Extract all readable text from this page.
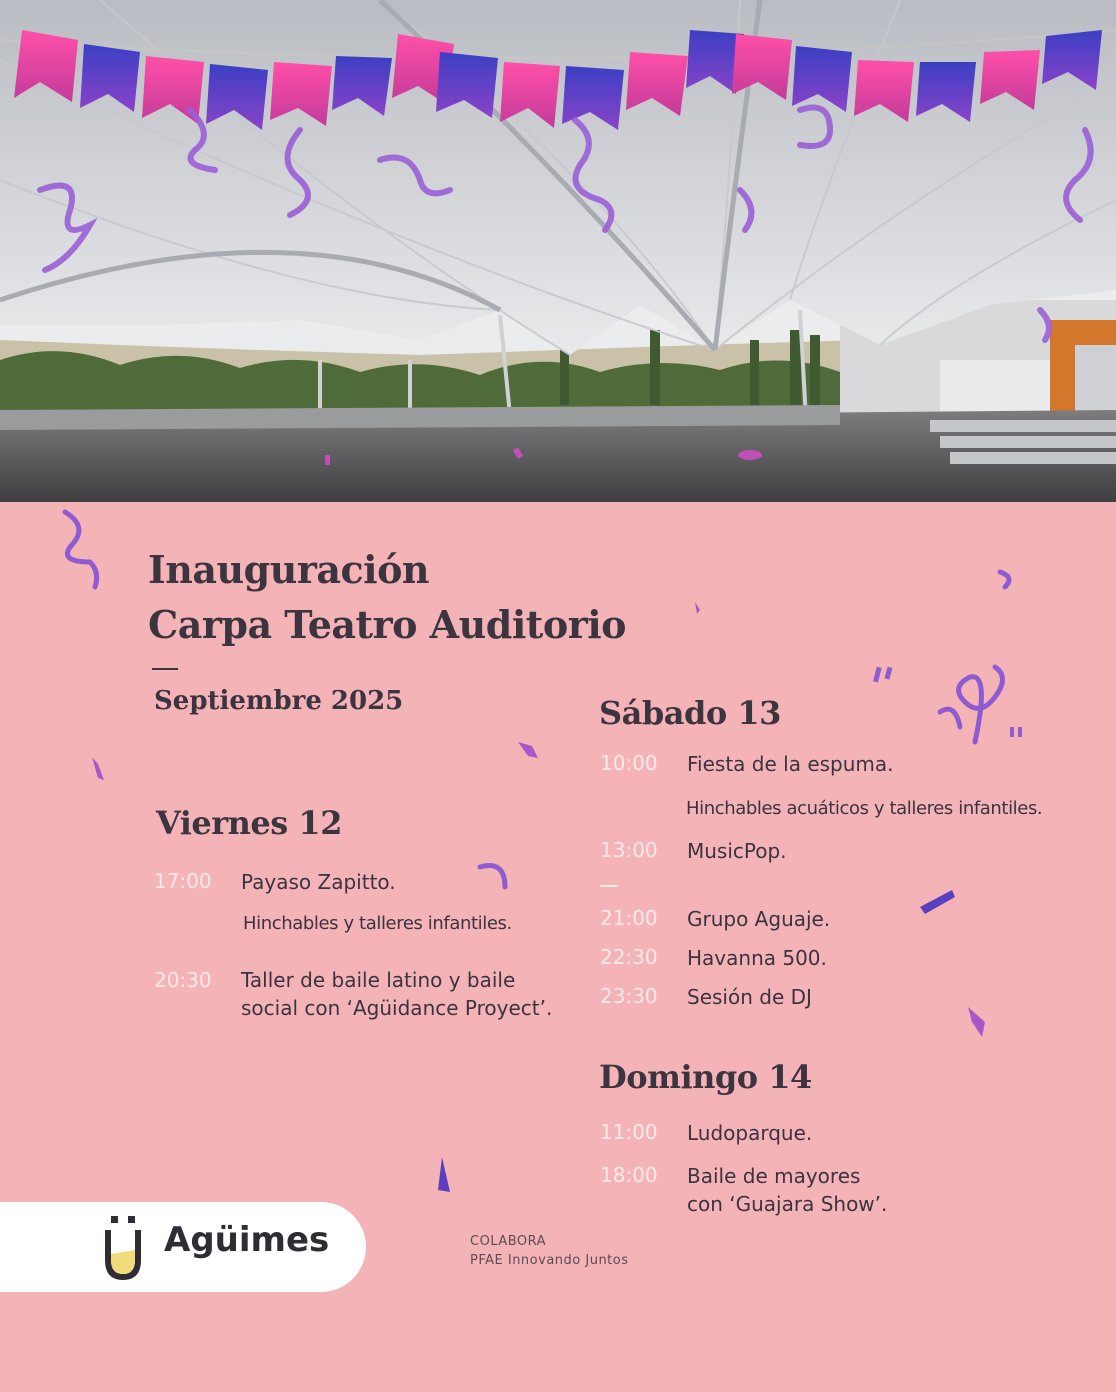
Inauguración
Carpa Teatro Auditorio
Septiembre 2025
Viernes 12
17:00 Payaso Zapitto.
Hinchables y talleres infantiles.
20:30 Taller de baile latino y baile
social con ‘Agüidance Proyect’.
Sábado 13
10:00 Fiesta de la espuma.
Hinchables acuáticos y talleres infantiles.
13:00 MusicPop.
21:00 Grupo Aguaje.
22:30 Havanna 500.
23:30 Sesión de DJ
Domingo 14
11:00 Ludoparque.
18:00 Baile de mayores
con ‘Guajara Show’.
Agüimes	COLABORA
PFAE Innovando Juntos
